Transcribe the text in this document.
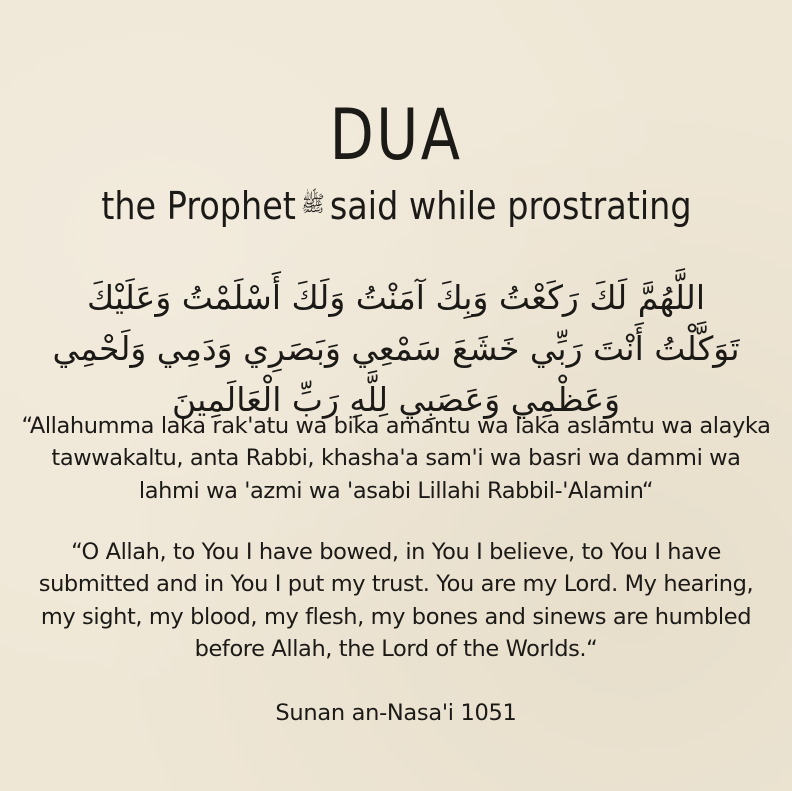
DUA
the Prophet ﷺ said while prostrating
اللَّهُمَّ لَكَ رَكَعْتُ وَبِكَ آمَنْتُ وَلَكَ أَسْلَمْتُ وَعَلَيْكَ تَوَكَّلْتُ أَنْتَ رَبِّي خَشَعَ سَمْعِي وَبَصَرِي وَدَمِي وَلَحْمِي وَعَظْمِي وَعَصَبِي لِلَّهِ رَبِّ الْعَالَمِينَ
“Allahumma laka rak'atu wa bika amantu wa laka aslamtu wa alayka tawwakaltu, anta Rabbi, khasha'a sam'i wa basri wa dammi wa lahmi wa 'azmi wa 'asabi Lillahi Rabbil-'Alamin“
“O Allah, to You I have bowed, in You I believe, to You I have submitted and in You I put my trust. You are my Lord. My hearing, my sight, my blood, my flesh, my bones and sinews are humbled before Allah, the Lord of the Worlds.“
Sunan an-Nasa'i 1051
